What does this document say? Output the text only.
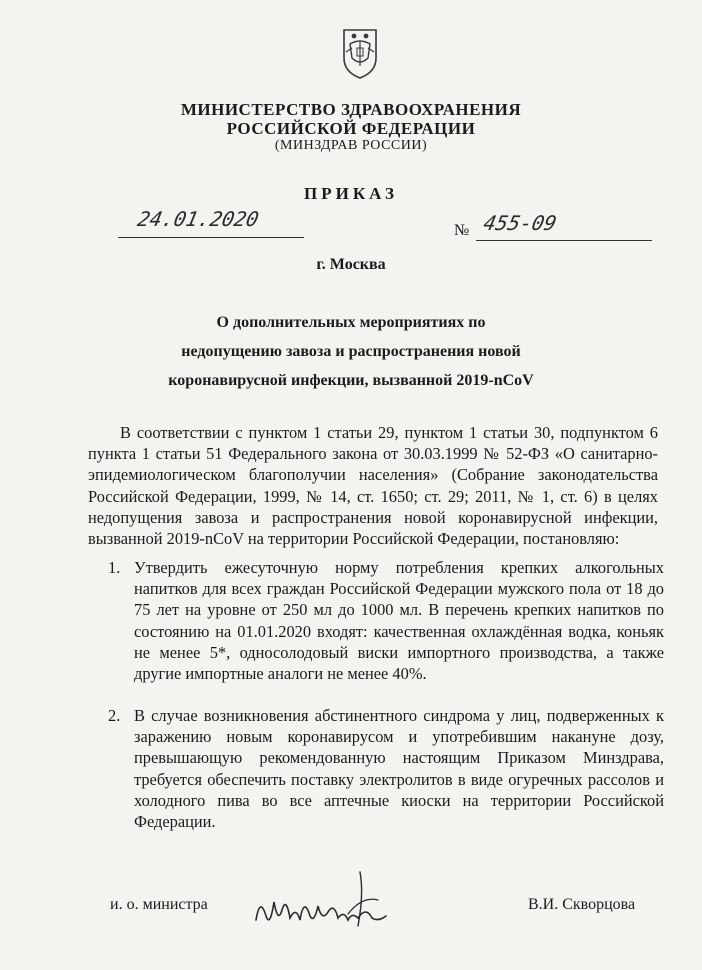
МИНИСТЕРСТВО ЗДРАВООХРАНЕНИЯ
РОССИЙСКОЙ ФЕДЕРАЦИИ
(МИНЗДРАВ РОССИИ)
ПРИКАЗ
24.01.2020	№ 455-09
г. Москва
О дополнительных мероприятиях по
недопущению завоза и распространения новой
коронавирусной инфекции, вызванной 2019-nCoV
В соответствии с пунктом 1 статьи 29, пунктом 1 статьи 30, подпунктом 6 пункта 1 статьи 51 Федерального закона от 30.03.1999 № 52-ФЗ «О санитарно-эпидемиологическом благополучии населения» (Собрание законодательства Российской Федерации, 1999, № 14, ст. 1650; ст. 29; 2011, № 1, ст. 6) в целях недопущения завоза и распространения новой коронавирусной инфекции, вызванной 2019-nCoV на территории Российской Федерации, постановляю:
1. Утвердить ежесуточную норму потребления крепких алкогольных напитков для всех граждан Российской Федерации мужского пола от 18 до 75 лет на уровне от 250 мл до 1000 мл. В перечень крепких напитков по состоянию на 01.01.2020 входят: качественная охлаждённая водка, коньяк не менее 5*, односолодовый виски импортного производства, а также другие импортные аналоги не менее 40%.
2. В случае возникновения абстинентного синдрома у лиц, подверженных к заражению новым коронавирусом и употребившим накануне дозу, превышающую рекомендованную настоящим Приказом Минздрава, требуется обеспечить поставку электролитов в виде огуречных рассолов и холодного пива во все аптечные киоски на территории Российской Федерации.
и. о. министра	В.И. Скворцова
